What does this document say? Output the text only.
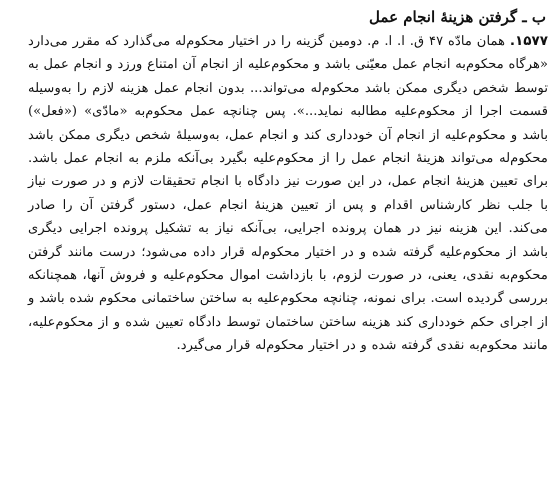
ب ـ گرفتن هزینهٔ انجام عمل

۱۵۷۷. همان مادّه ۴۷ ق. ا. ا. م. دومین گزینه را در اختیار محکوم‌له می‌گذارد که مقرر می‌دارد «هرگاه محکوم‌به انجام عمل معیّنی باشد و محکوم‌علیه از انجام آن امتناع ورزد و انجام عمل به توسط شخص دیگری ممکن باشد محکوم‌له می‌تواند... بدون انجام عمل هزینه لازم را به‌وسیله قسمت اجرا از محکوم‌علیه مطالبه نماید...». پس چنانچه عمل محکوم‌به «مادّی» («فعل») باشد و محکوم‌علیه از انجام آن خودداری کند و انجام عمل، به‌وسیلهٔ شخص دیگری ممکن باشد محکوم‌له می‌تواند هزینهٔ انجام عمل را از محکوم‌علیه بگیرد بی‌آنکه ملزم به انجام عمل باشد. برای تعیین هزینهٔ انجام عمل، در این صورت نیز دادگاه با انجام تحقیقات لازم و در صورت نیاز با جلب نظر کارشناس اقدام و پس از تعیین هزینهٔ انجام عمل، دستور گرفتن آن را صادر می‌کند. این هزینه نیز در همان پرونده اجرایی، بی‌آنکه نیاز به تشکیل پرونده اجرایی دیگری باشد از محکوم‌علیه گرفته شده و در اختیار محکوم‌له قرار داده می‌شود؛ درست مانند گرفتن محکوم‌به نقدی، یعنی، در صورت لزوم، با بازداشت اموال محکوم‌علیه و فروش آنها، همچنانکه بررسی گردیده است. برای نمونه، چنانچه محکوم‌علیه به ساختن ساختمانی محکوم شده باشد و از اجرای حکم خودداری کند هزینه ساختن ساختمان توسط دادگاه تعیین شده و از محکوم‌علیه، مانند محکوم‌به نقدی گرفته شده و در اختیار محکوم‌له قرار می‌گیرد.
